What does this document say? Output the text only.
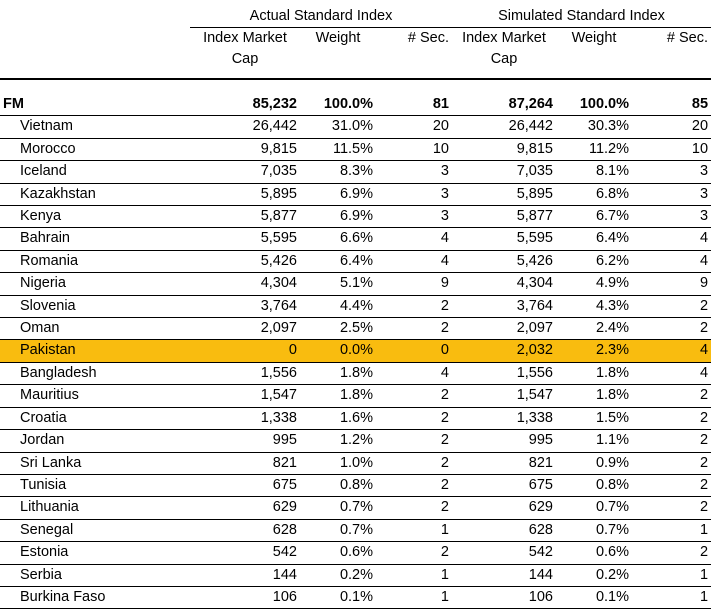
	Actual Standard Index			Simulated Standard Index		
	Index Market	Weight	# Sec.	Index Market	Weight	# Sec.
	Cap			Cap		

FM	85,232	100.0%	81	87,264	100.0%	85
Vietnam	26,442	31.0%	20	26,442	30.3%	20
Morocco	9,815	11.5%	10	9,815	11.2%	10
Iceland	7,035	8.3%	3	7,035	8.1%	3
Kazakhstan	5,895	6.9%	3	5,895	6.8%	3
Kenya	5,877	6.9%	3	5,877	6.7%	3
Bahrain	5,595	6.6%	4	5,595	6.4%	4
Romania	5,426	6.4%	4	5,426	6.2%	4
Nigeria	4,304	5.1%	9	4,304	4.9%	9
Slovenia	3,764	4.4%	2	3,764	4.3%	2
Oman	2,097	2.5%	2	2,097	2.4%	2
Pakistan	0	0.0%	0	2,032	2.3%	4
Bangladesh	1,556	1.8%	4	1,556	1.8%	4
Mauritius	1,547	1.8%	2	1,547	1.8%	2
Croatia	1,338	1.6%	2	1,338	1.5%	2
Jordan	995	1.2%	2	995	1.1%	2
Sri Lanka	821	1.0%	2	821	0.9%	2
Tunisia	675	0.8%	2	675	0.8%	2
Lithuania	629	0.7%	2	629	0.7%	2
Senegal	628	0.7%	1	628	0.7%	1
Estonia	542	0.6%	2	542	0.6%	2
Serbia	144	0.2%	1	144	0.2%	1
Burkina Faso	106	0.1%	1	106	0.1%	1
